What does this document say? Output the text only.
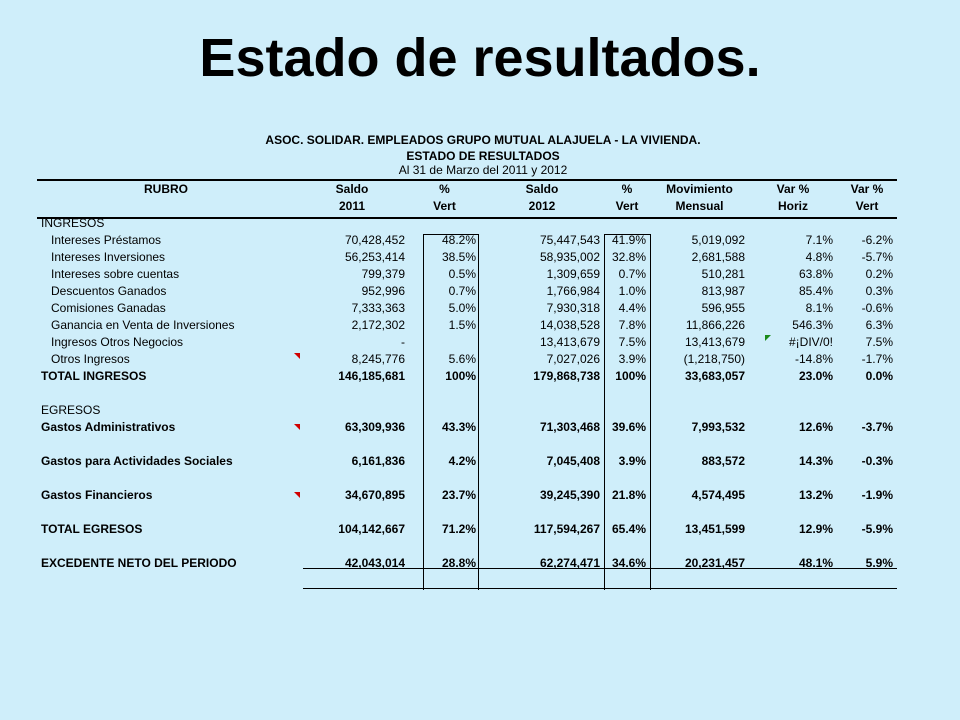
Estado de resultados.
ASOC. SOLIDAR. EMPLEADOS GRUPO MUTUAL ALAJUELA - LA VIVIENDA.
ESTADO DE RESULTADOS
Al 31 de Marzo del 2011 y 2012
RUBRO	Saldo	%	Saldo	%	Movimiento	Var %	Var %
	2011	Vert	2012	Vert	Mensual	Horiz	Vert
INGRESOS							
Intereses Préstamos	70,428,452	48.2%	75,447,543	41.9%	5,019,092	7.1%	-6.2%
Intereses Inversiones	56,253,414	38.5%	58,935,002	32.8%	2,681,588	4.8%	-5.7%
Intereses sobre cuentas	799,379	0.5%	1,309,659	0.7%	510,281	63.8%	0.2%
Descuentos Ganados	952,996	0.7%	1,766,984	1.0%	813,987	85.4%	0.3%
Comisiones Ganadas	7,333,363	5.0%	7,930,318	4.4%	596,955	8.1%	-0.6%
Ganancia en Venta de Inversiones	2,172,302	1.5%	14,038,528	7.8%	11,866,226	546.3%	6.3%
Ingresos Otros Negocios	-		13,413,679	7.5%	13,413,679	#¡DIV/0!	7.5%
Otros Ingresos	8,245,776	5.6%	7,027,026	3.9%	(1,218,750)	-14.8%	-1.7%
TOTAL INGRESOS	146,185,681	100%	179,868,738	100%	33,683,057	23.0%	0.0%

EGRESOS							
Gastos Administrativos	63,309,936	43.3%	71,303,468	39.6%	7,993,532	12.6%	-3.7%

Gastos para Actividades Sociales	6,161,836	4.2%	7,045,408	3.9%	883,572	14.3%	-0.3%

Gastos Financieros	34,670,895	23.7%	39,245,390	21.8%	4,574,495	13.2%	-1.9%

TOTAL EGRESOS	104,142,667	71.2%	117,594,267	65.4%	13,451,599	12.9%	-5.9%

EXCEDENTE NETO DEL PERIODO	42,043,014	28.8%	62,274,471	34.6%	20,231,457	48.1%	5.9%
